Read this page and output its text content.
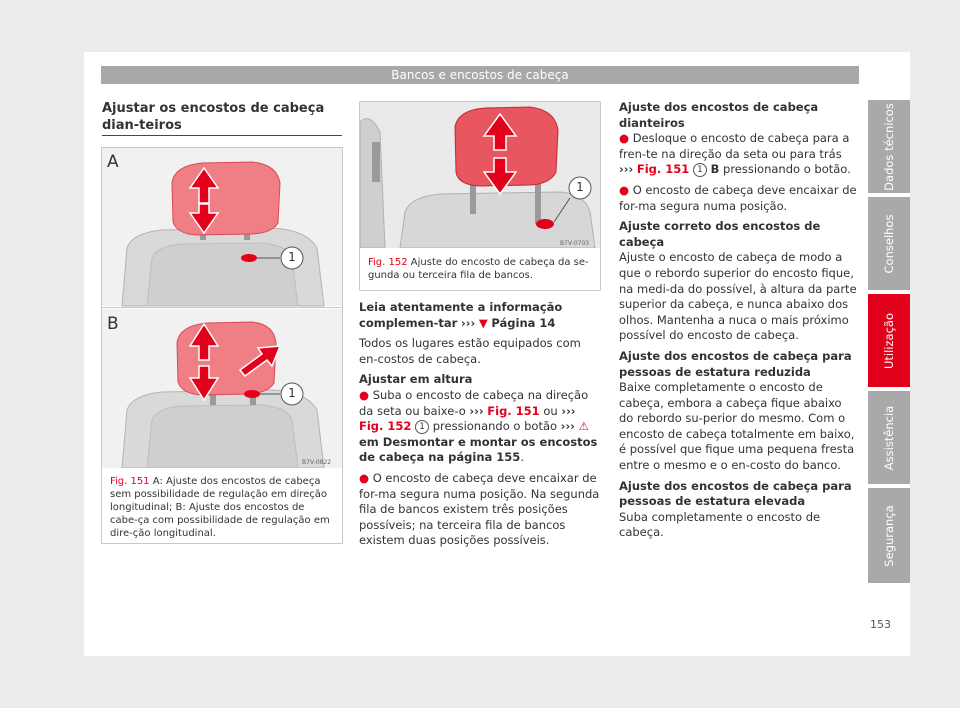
Bancos e encostos de cabeça
Dados técnicos
Conselhos
Utilização
Assistência
Segurança
Ajustar os encostos de cabeça dian-teiros
A
B
1
1
B7V-0822
Fig. 151 A: Ajuste dos encostos de cabeça sem possibilidade de regulação em direção longitudinal; B: Ajuste dos encostos de cabe-ça com possibilidade de regulação em dire-ção longitudinal.
1
B7V-0703
Fig. 152 Ajuste do encosto de cabeça da se-gunda ou terceira fila de bancos.

Leia atentamente a informação complemen-tar ››› ▼ Página 14

Todos os lugares estão equipados com en-costos de cabeça.

Ajustar em altura

● Suba o encosto de cabeça na direção da seta ou baixe-o ››› Fig. 151 ou ››› Fig. 152 1 pressionando o botão ››› ⚠ em Desmontar e montar os encostos de cabeça na página 155.

● O encosto de cabeça deve encaixar de for-ma segura numa posição. Na segunda fila de bancos existem três posições possíveis; na terceira fila de bancos existem duas posições possíveis.

Ajuste dos encostos de cabeça dianteiros

● Desloque o encosto de cabeça para a fren-te na direção da seta ou para trás ››› Fig. 151 1 B pressionando o botão.

● O encosto de cabeça deve encaixar de for-ma segura numa posição.

Ajuste correto dos encostos de cabeça

Ajuste o encosto de cabeça de modo a que o rebordo superior do encosto fique, na medi-da do possível, à altura da parte superior da cabeça, e nunca abaixo dos olhos. Mantenha a nuca o mais próximo possível do encosto de cabeça.

Ajuste dos encostos de cabeça para pessoas de estatura reduzida

Baixe completamente o encosto de cabeça, embora a cabeça fique abaixo do rebordo su-perior do mesmo. Com o encosto de cabeça totalmente em baixo, é possível que fique uma pequena fresta entre o mesmo e o en-costo do banco.

Ajuste dos encostos de cabeça para pessoas de estatura elevada

Suba completamente o encosto de cabeça.

153
